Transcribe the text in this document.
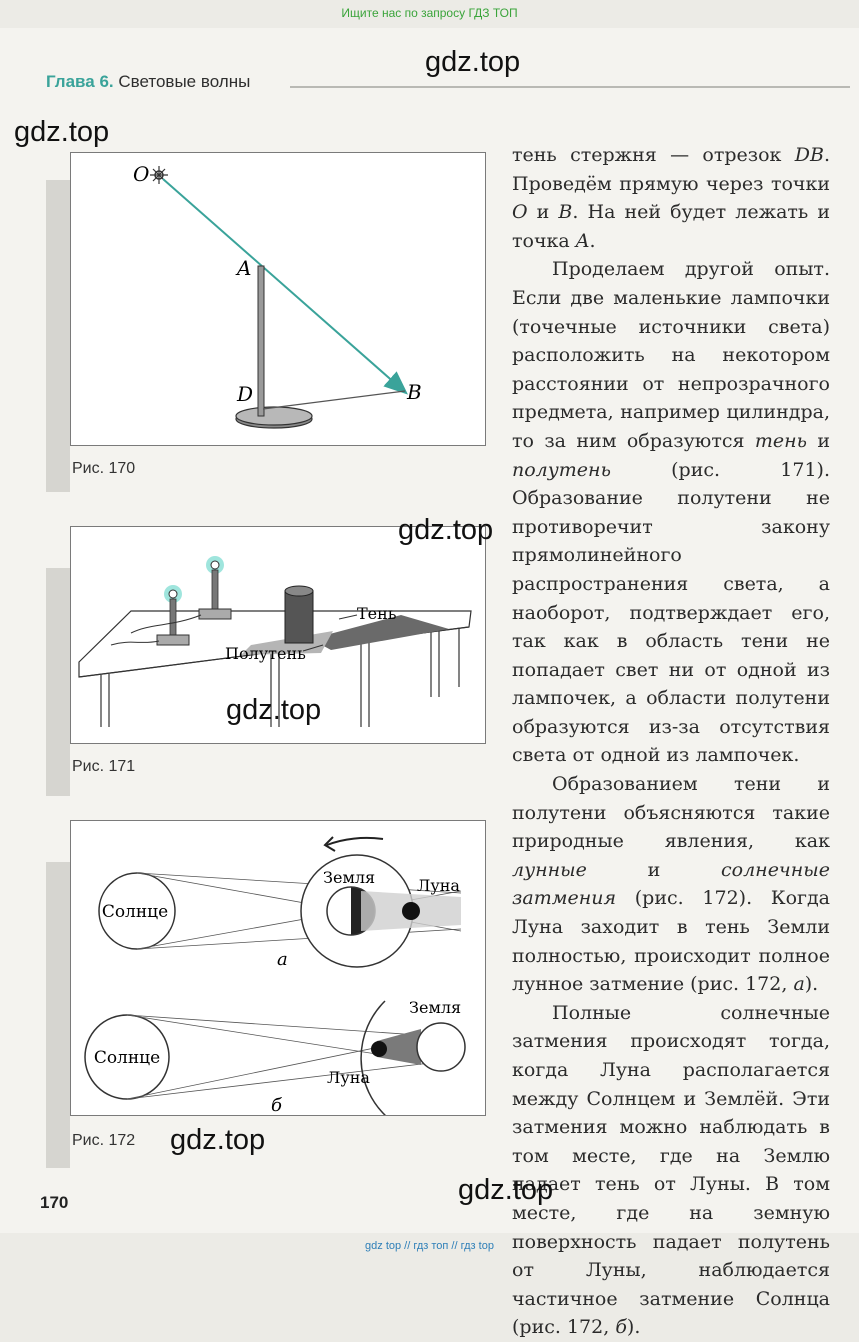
Ищите нас по запросу ГДЗ ТОП
Глава 6. Световые волны
O
A
D	B
Рис. 170
Тень
Полутень
Рис. 171
Солнце
Земля	Луна
а
Солнце
Земля
Луна
б
Рис. 172

тень стержня — отрезок DB. Проведём прямую через точки O и B. На ней будет лежать и точка A.

Проделаем другой опыт. Если две маленькие лампочки (точечные источники света) расположить на некотором расстоянии от непрозрачного предмета, например цилиндра, то за ним образуются тень и полутень (рис. 171). Образование полутени не противоречит закону прямолинейного распространения света, а наоборот, подтверждает его, так как в область тени не попадает свет ни от одной из лампочек, а области полутени образуются из-за отсутствия света от одной из лампочек.

Образованием тени и полутени объясняются такие природные явления, как лунные и солнечные затмения (рис. 172). Когда Луна заходит в тень Земли полностью, происходит полное лунное затмение (рис. 172, а).

Полные солнечные затмения происходят тогда, когда Луна располагается между Солнцем и Землёй. Эти затмения можно наблюдать в том месте, где на Землю падает тень от Луны. В том месте, где на земную поверхность падает полутень от Луны, наблюдается частичное затмение Солнца (рис. 172, б).

170
gdz.top
gdz.top
gdz.top
gdz.top
gdz.top
gdz.top
gdz top // гдз топ // гдз top
